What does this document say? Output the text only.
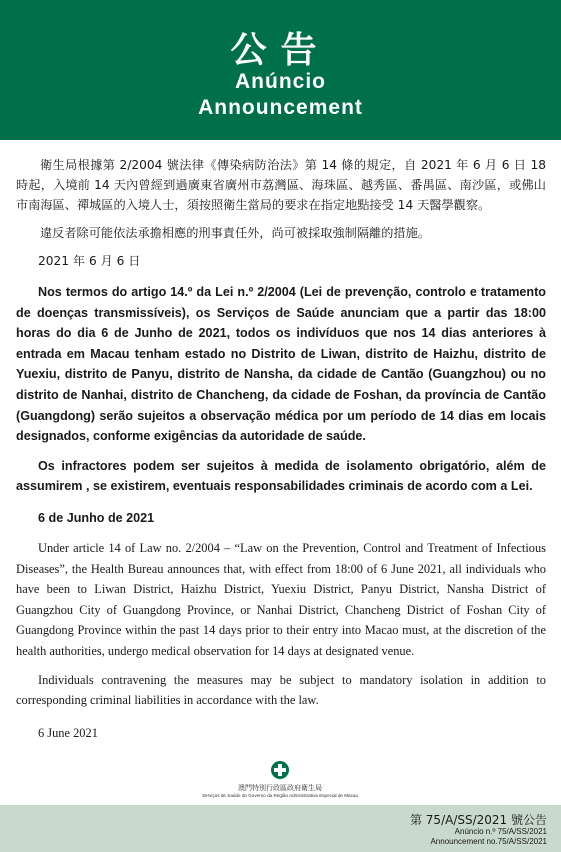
公告
Anúncio
Announcement

衛生局根據第 2/2004 號法律《傳染病防治法》第 14 條的規定，自 2021 年 6 月 6 日 18 時起，入境前 14 天內曾經到過廣東省廣州市荔灣區、海珠區、越秀區、番禺區、南沙區，或佛山市南海區、禪城區的入境人士，須按照衛生當局的要求在指定地點接受 14 天醫學觀察。

違反者除可能依法承擔相應的刑事責任外，尚可被採取強制隔離的措施。

2021 年 6 月 6 日

Nos termos do artigo 14.º da Lei n.º 2/2004 (Lei de prevenção, controlo e tratamento de doenças transmissíveis), os Serviços de Saúde anunciam que a partir das 18:00 horas do dia 6 de Junho de 2021, todos os indivíduos que nos 14 dias anteriores à entrada em Macau tenham estado no Distrito de Liwan, distrito de Haizhu, distrito de Yuexiu, distrito de Panyu, distrito de Nansha, da cidade de Cantão (Guangzhou) ou no distrito de Nanhai, distrito de Chancheng, da cidade de Foshan, da província de Cantão (Guangdong) serão sujeitos a observação médica por um período de 14 dias em locais designados, conforme exigências da autoridade de saúde.

Os infractores podem ser sujeitos à medida de isolamento obrigatório, além de assumirem , se existirem, eventuais responsabilidades criminais de acordo com a Lei.

6 de Junho de 2021

Under article 14 of Law no. 2/2004 – “Law on the Prevention, Control and Treatment of Infectious Diseases”, the Health Bureau announces that, with effect from 18:00 of 6 June 2021, all individuals who have been to Liwan District, Haizhu District, Yuexiu District, Panyu District, Nansha District of Guangzhou City of Guangdong Province, or Nanhai District, Chancheng District of Foshan City of Guangdong Province within the past 14 days prior to their entry into Macao must, at the discretion of the health authorities, undergo medical observation for 14 days at designated venue.

Individuals contravening the measures may be subject to mandatory isolation in addition to corresponding criminal liabilities in accordance with the law.

6 June 2021

澳門特別行政區政府衛生局
Serviços de Saúde do Governo da Região Administrativa Especial de Macau
第 75/A/SS/2021 號公告
Anúncio n.º 75/A/SS/2021
Announcement no.75/A/SS/2021
